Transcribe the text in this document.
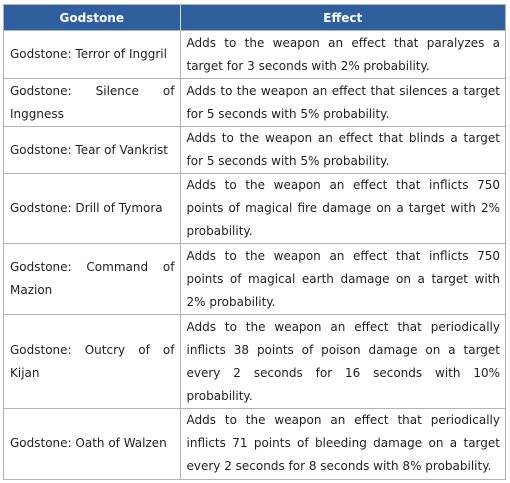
Godstone	Effect
Godstone: Terror of Inggril	Adds to the weapon an effect that paralyzes a target for 3 seconds with 2% probability.
Godstone: Silence of Inggness	Adds to the weapon an effect that silences a target for 5 seconds with 5% probability.
Godstone: Tear of Vankrist	Adds to the weapon an effect that blinds a target for 5 seconds with 5% probability.
Godstone: Drill of Tymora	Adds to the weapon an effect that inflicts 750 points of magical fire damage on a target with 2% probability.
Godstone: Command of Mazion	Adds to the weapon an effect that inflicts 750 points of magical earth damage on a target with 2% probability.
Godstone: Outcry of of Kijan	Adds to the weapon an effect that periodically inflicts 38 points of poison damage on a target every 2 seconds for 16 seconds with 10% probability.
Godstone: Oath of Walzen	Adds to the weapon an effect that periodically inflicts 71 points of bleeding damage on a target every 2 seconds for 8 seconds with 8% probability.
